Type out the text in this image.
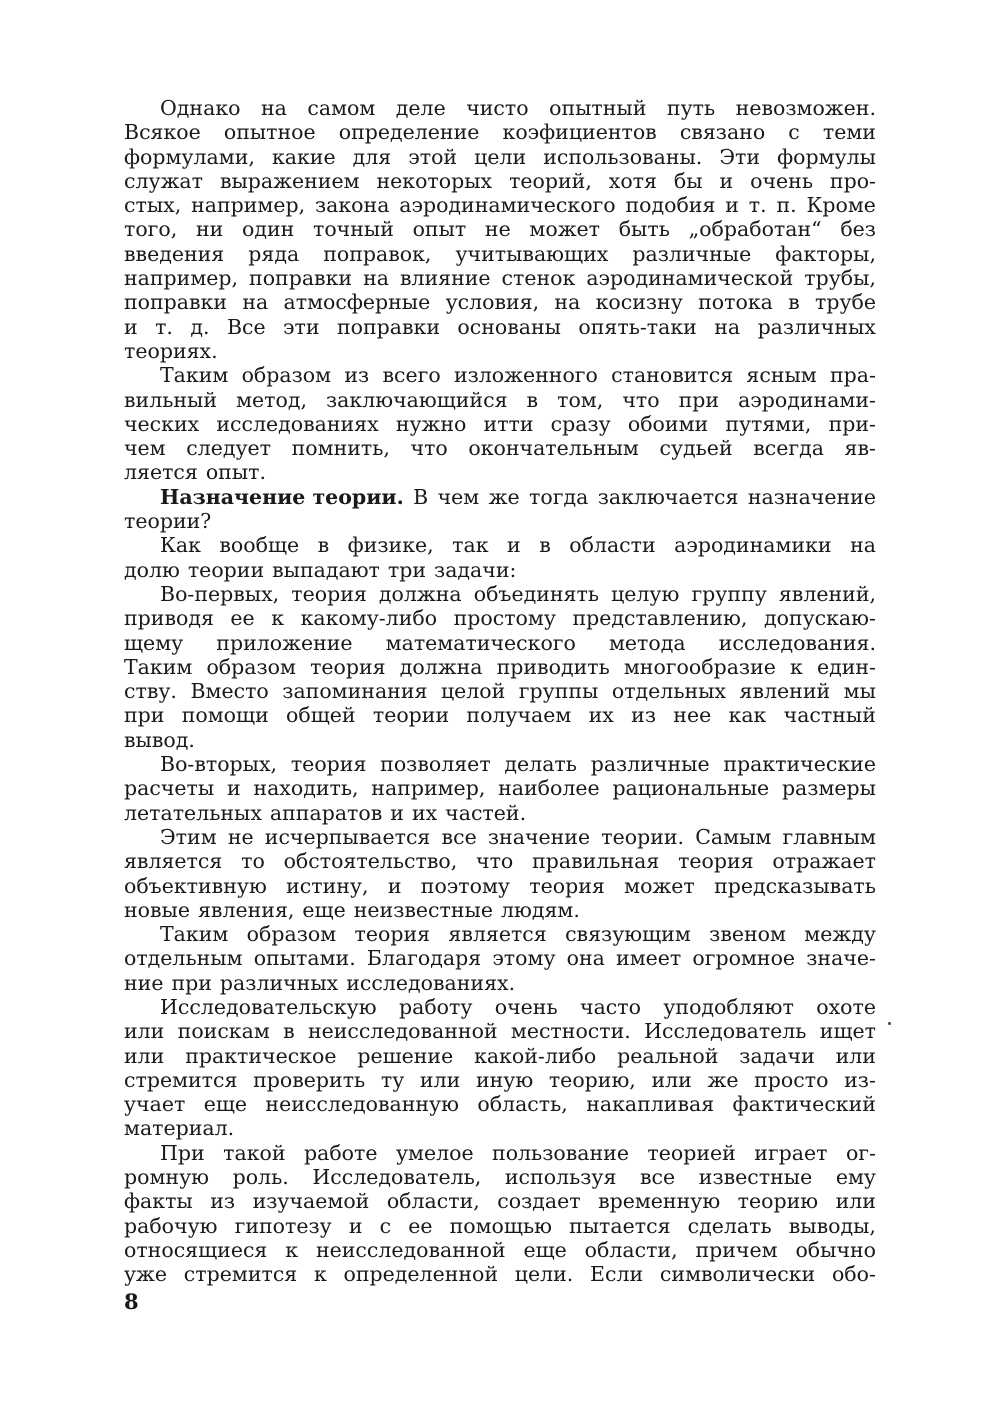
Однако на самом деле чисто опытный путь невозможен.
Всякое опытное определение коэфициентов связано с теми
формулами, какие для этой цели использованы. Эти формулы
служат выражением некоторых теорий, хотя бы и очень про-
стых, например, закона аэродинамического подобия и т. п. Кроме
того, ни один точный опыт не может быть „обработан“ без
введения ряда поправок, учитывающих различные факторы,
например, поправки на влияние стенок аэродинамической трубы,
поправки на атмосферные условия, на косизну потока в трубе
и т. д. Все эти поправки основаны опять-таки на различных
теориях.
Таким образом из всего изложенного становится ясным пра-
вильный метод, заключающийся в том, что при аэродинами-
ческих исследованиях нужно итти сразу обоими путями, при-
чем следует помнить, что окончательным судьей всегда яв-
ляется опыт.
Назначение теории. В чем же тогда заключается назначение
теории?
Как вообще в физике, так и в области аэродинамики на
долю теории выпадают три задачи:
Во-первых, теория должна объединять целую группу явлений,
приводя ее к какому-либо простому представлению, допускаю-
щему приложение математического метода исследования.
Таким образом теория должна приводить многообразие к един-
ству. Вместо запоминания целой группы отдельных явлений мы
при помощи общей теории получаем их из нее как частный
вывод.
Во-вторых, теория позволяет делать различные практические
расчеты и находить, например, наиболее рациональные размеры
летательных аппаратов и их частей.
Этим не исчерпывается все значение теории. Самым главным
является то обстоятельство, что правильная теория отражает
объективную истину, и поэтому теория может предсказывать
новые явления, еще неизвестные людям.
Таким образом теория является связующим звеном между
отдельным опытами. Благодаря этому она имеет огромное значе-
ние при различных исследованиях.
Исследовательскую работу очень часто уподобляют охоте
или поискам в неисследованной местности. Исследователь ищет
или практическое решение какой-либо реальной задачи или
стремится проверить ту или иную теорию, или же просто из-
учает еще неисследованную область, накапливая фактический
материал.
При такой работе умелое пользование теорией играет ог-
ромную роль. Исследователь, используя все известные ему
факты из изучаемой области, создает временную теорию или
рабочую гипотезу и с ее помощью пытается сделать выводы,
относящиеся к неисследованной еще области, причем обычно
уже стремится к определенной цели. Если символически обо-
8
